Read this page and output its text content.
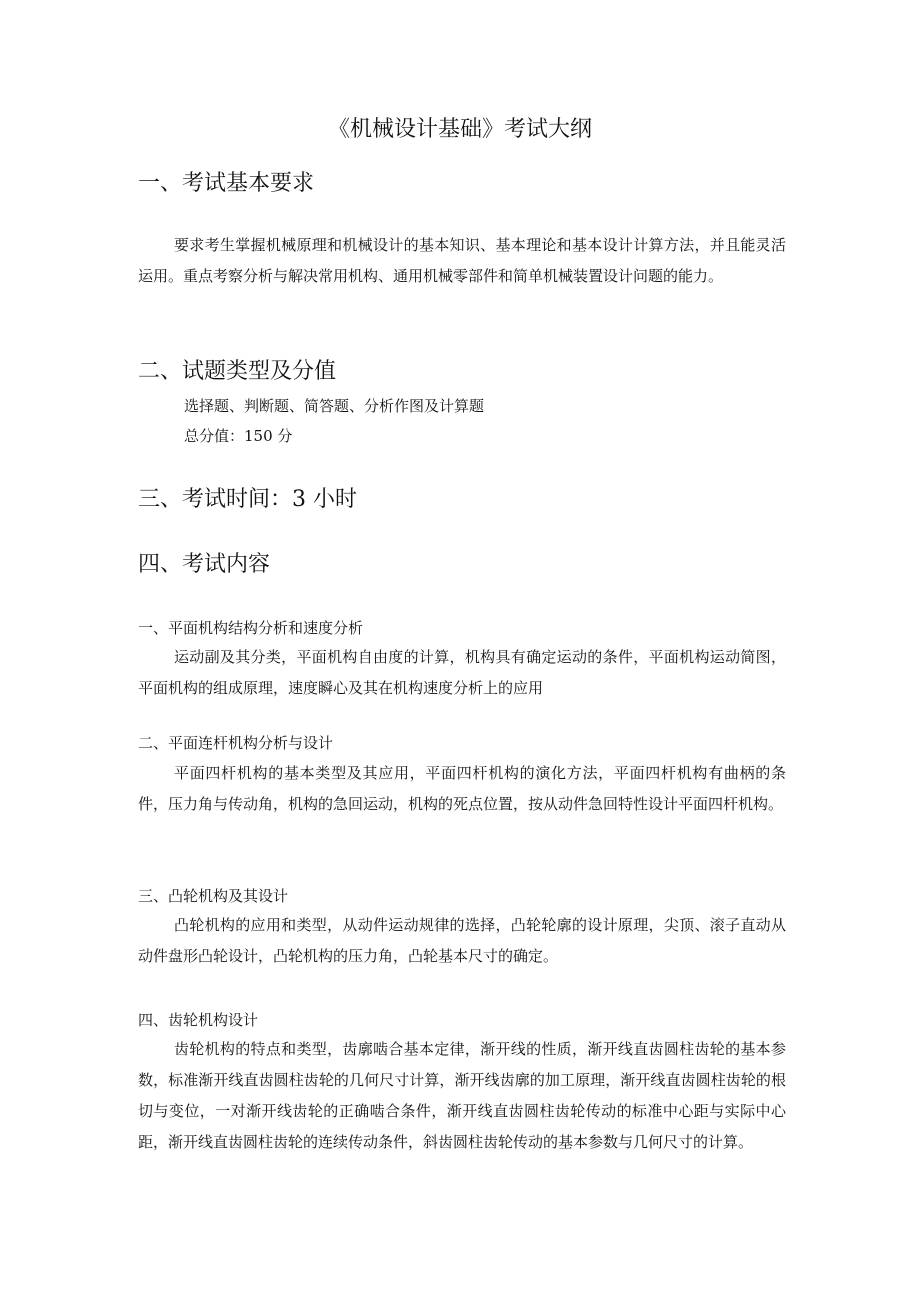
《机械设计基础》考试大纲
一、考试基本要求
要求考生掌握机械原理和机械设计的基本知识、基本理论和基本设计计算方法，并且能灵活运用。重点考察分析与解决常用机构、通用机械零部件和简单机械装置设计问题的能力。
二、试题类型及分值
选择题、判断题、简答题、分析作图及计算题
总分值：150 分
三、考试时间：3 小时
四、考试内容
一、平面机构结构分析和速度分析
运动副及其分类，平面机构自由度的计算，机构具有确定运动的条件，平面机构运动简图，平面机构的组成原理，速度瞬心及其在机构速度分析上的应用
二、平面连杆机构分析与设计
平面四杆机构的基本类型及其应用，平面四杆机构的演化方法，平面四杆机构有曲柄的条件，压力角与传动角，机构的急回运动，机构的死点位置，按从动件急回特性设计平面四杆机构。
三、凸轮机构及其设计
凸轮机构的应用和类型，从动件运动规律的选择，凸轮轮廓的设计原理，尖顶、滚子直动从动件盘形凸轮设计，凸轮机构的压力角，凸轮基本尺寸的确定。
四、齿轮机构设计
齿轮机构的特点和类型，齿廓啮合基本定律，渐开线的性质，渐开线直齿圆柱齿轮的基本参数，标准渐开线直齿圆柱齿轮的几何尺寸计算，渐开线齿廓的加工原理，渐开线直齿圆柱齿轮的根切与变位，一对渐开线齿轮的正确啮合条件，渐开线直齿圆柱齿轮传动的标准中心距与实际中心距，渐开线直齿圆柱齿轮的连续传动条件，斜齿圆柱齿轮传动的基本参数与几何尺寸的计算。
